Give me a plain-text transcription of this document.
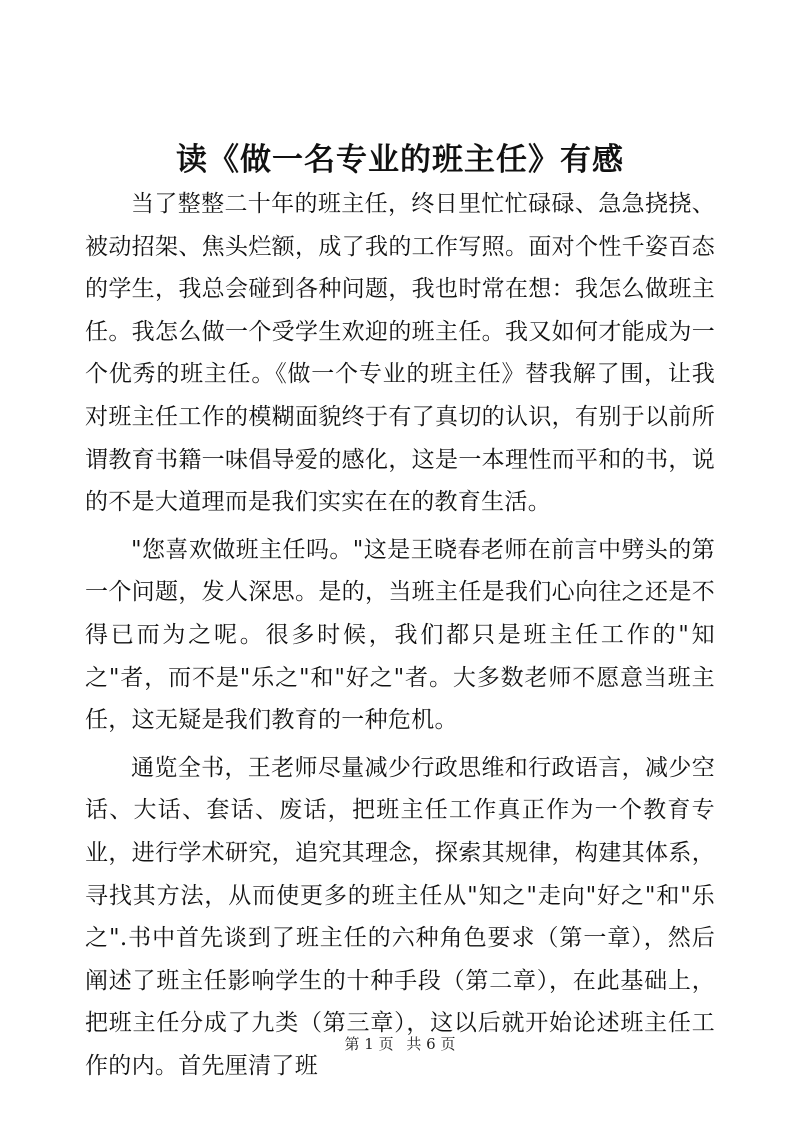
读《做一名专业的班主任》有感

当了整整二十年的班主任，终日里忙忙碌碌、急急挠挠、被动招架、焦头烂额，成了我的工作写照。面对个性千姿百态的学生，我总会碰到各种问题，我也时常在想：我怎么做班主任。我怎么做一个受学生欢迎的班主任。我又如何才能成为一个优秀的班主任。《做一个专业的班主任》替我解了围，让我对班主任工作的模糊面貌终于有了真切的认识，有别于以前所谓教育书籍一味倡导爱的感化，这是一本理性而平和的书，说的不是大道理而是我们实实在在的教育生活。

"您喜欢做班主任吗。"这是王晓春老师在前言中劈头的第一个问题，发人深思。是的，当班主任是我们心向往之还是不得已而为之呢。很多时候，我们都只是班主任工作的"知之"者，而不是"乐之"和"好之"者。大多数老师不愿意当班主任，这无疑是我们教育的一种危机。

通览全书，王老师尽量减少行政思维和行政语言，减少空话、大话、套话、废话，把班主任工作真正作为一个教育专业，进行学术研究，追究其理念，探索其规律，构建其体系，寻找其方法，从而使更多的班主任从"知之"走向"好之"和"乐之".书中首先谈到了班主任的六种角色要求（第一章），然后阐述了班主任影响学生的十种手段（第二章），在此基础上，把班主任分成了九类（第三章），这以后就开始论述班主任工作的内。首先厘清了班

第 1 页 共 6 页
